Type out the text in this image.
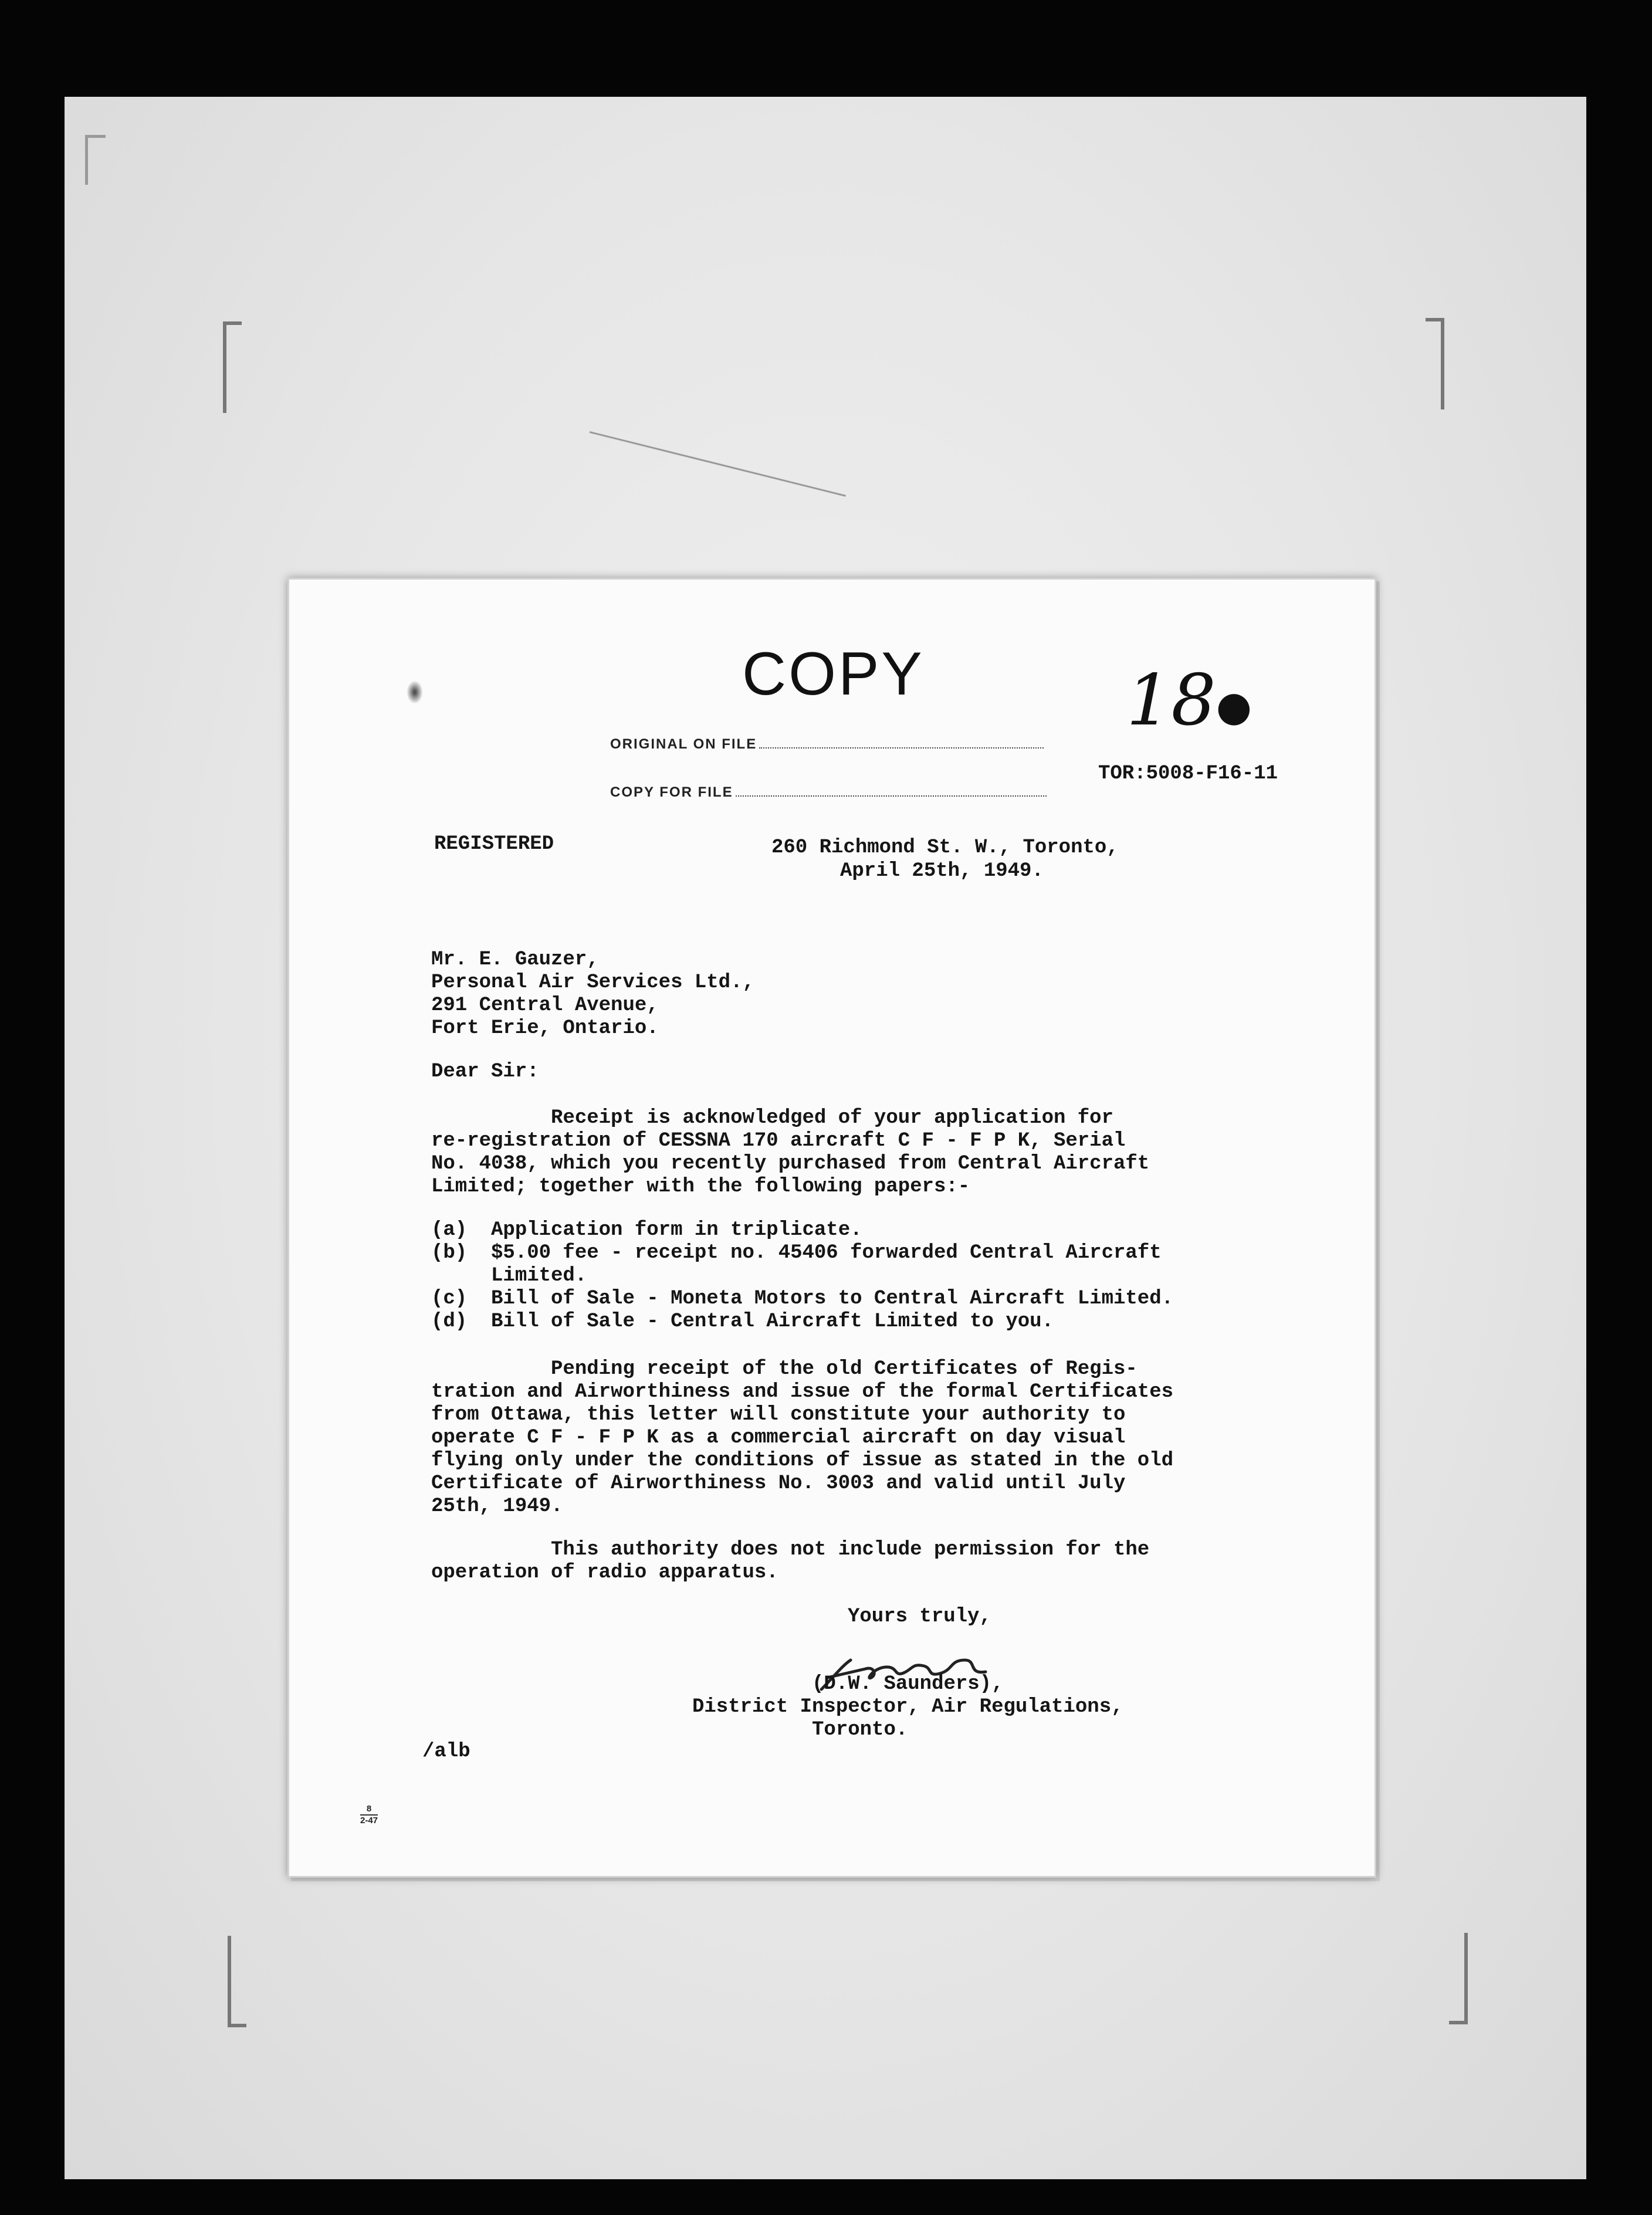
COPY
ORIGINAL ON FILE
COPY FOR FILE
18●
TOR:5008-F16-11
REGISTERED	260 Richmond St. W., Toronto,
April 25th, 1949.
Mr. E. Gauzer,
Personal Air Services Ltd.,
291 Central Avenue,
Fort Erie, Ontario.
Dear Sir:
Receipt is acknowledged of your application for
re-registration of CESSNA 170 aircraft C F - F P K, Serial
No. 4038, which you recently purchased from Central Aircraft
Limited; together with the following papers:-
(a)  Application form in triplicate.
(b)  $5.00 fee - receipt no. 45406 forwarded Central Aircraft
Limited.
(c)  Bill of Sale - Moneta Motors to Central Aircraft Limited.
(d)  Bill of Sale - Central Aircraft Limited to you.
Pending receipt of the old Certificates of Regis-
tration and Airworthiness and issue of the formal Certificates
from Ottawa, this letter will constitute your authority to
operate C F - F P K as a commercial aircraft on day visual
flying only under the conditions of issue as stated in the old
Certificate of Airworthiness No. 3003 and valid until July
25th, 1949.
This authority does not include permission for the
operation of radio apparatus.
Yours truly,
(D.W. Saunders),
District Inspector, Air Regulations,
Toronto.
/alb
8
2-47
